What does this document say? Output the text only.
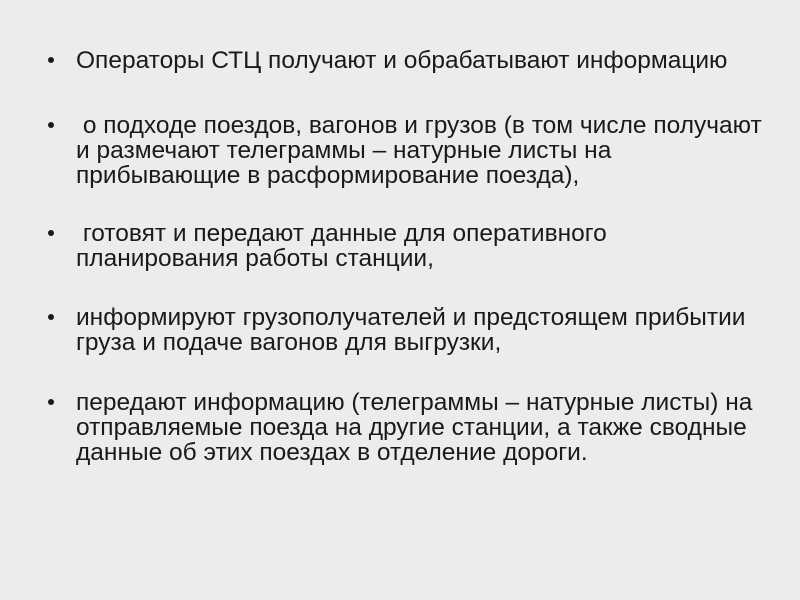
Операторы СТЦ получают и обрабатывают информацию
о подходе поездов, вагонов и грузов (в том числе получают и размечают телеграммы – натурные листы на прибывающие в расформирование поезда),
готовят и передают данные для оперативного планирования работы станции,
информируют грузополучателей и предстоящем прибытии груза и подаче вагонов для выгрузки,
передают информацию (телеграммы – натурные листы) на отправляемые поезда на другие станции, а также сводные данные об этих поездах в отделение дороги.
